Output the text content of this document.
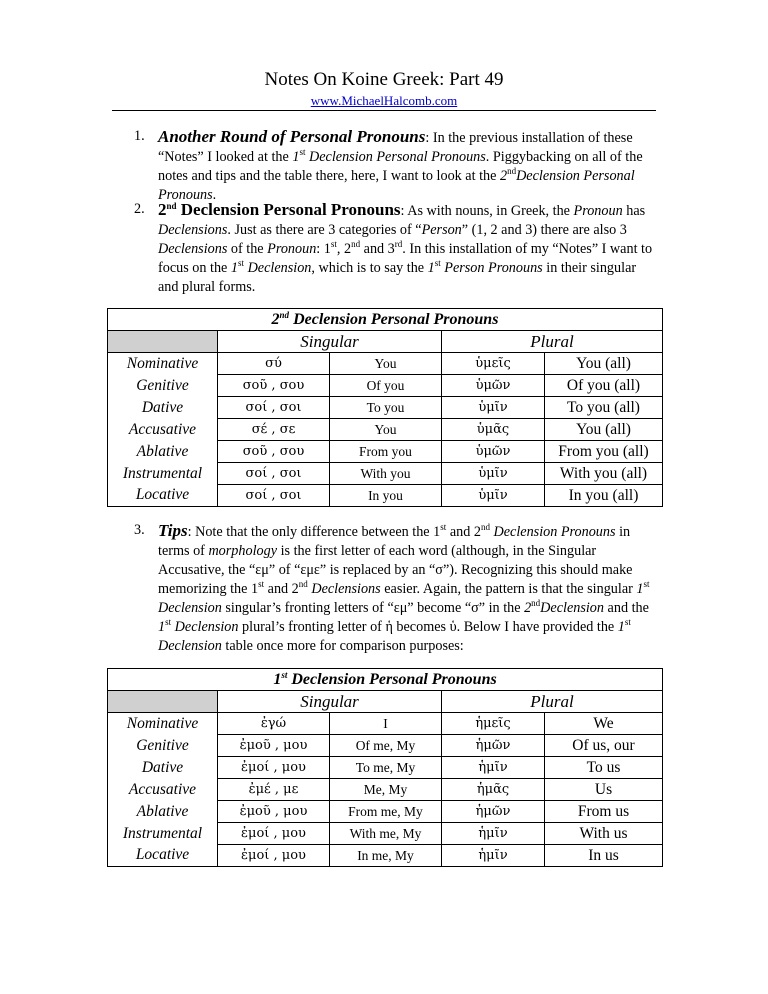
Notes On Koine Greek: Part 49
www.MichaelHalcomb.com
1. Another Round of Personal Pronouns: In the previous installation of these “Notes” I looked at the 1st Declension Personal Pronouns. Piggybacking on all of the notes and tips and the table there, here, I want to look at the 2ndDeclension Personal Pronouns.
2. 2nd Declension Personal Pronouns: As with nouns, in Greek, the Pronoun has Declensions. Just as there are 3 categories of “Person” (1, 2 and 3) there are also 3 Declensions of the Pronoun: 1st, 2nd and 3rd. In this installation of my “Notes” I want to focus on the 1st Declension, which is to say the 1st Person Pronouns in their singular and plural forms.
2nd Declension Personal Pronouns				
	Singular		Plural	
Nominative	σύ	You	ὑμεῖς	You (all)
Genitive	σοῦ , σου	Of you	ὑμῶν	Of you (all)
Dative	σοί , σοι	To you	ὑμῖν	To you (all)
Accusative	σέ , σε	You	ὑμᾶς	You (all)
Ablative	σοῦ , σου	From you	ὑμῶν	From you (all)
Instrumental	σοί , σοι	With you	ὑμῖν	With you (all)
Locative	σοί , σοι	In you	ὑμῖν	In you (all)
3. Tips: Note that the only difference between the 1st and 2nd Declension Pronouns in terms of morphology is the first letter of each word (although, in the Singular Accusative, the “εμ” of “εμε” is replaced by an “σ”). Recognizing this should make memorizing the 1st and 2nd Declensions easier. Again, the pattern is that the singular 1st Declension singular’s fronting letters of “εμ” become “σ” in the 2ndDeclension and the 1st Declension plural’s fronting letter of ἡ becomes ὑ. Below I have provided the 1st Declension table once more for comparison purposes:
1st Declension Personal Pronouns				
	Singular		Plural	
Nominative	ἐγώ	I	ἡμεῖς	We
Genitive	ἐμοῦ , μου	Of me, My	ἡμῶν	Of us, our
Dative	ἐμοί , μου	To me, My	ἡμῖν	To us
Accusative	ἐμέ , με	Me, My	ἡμᾶς	Us
Ablative	ἐμοῦ , μου	From me, My	ἡμῶν	From us
Instrumental	ἐμοί , μου	With me, My	ἡμῖν	With us
Locative	ἐμοί , μου	In me, My	ἡμῖν	In us
